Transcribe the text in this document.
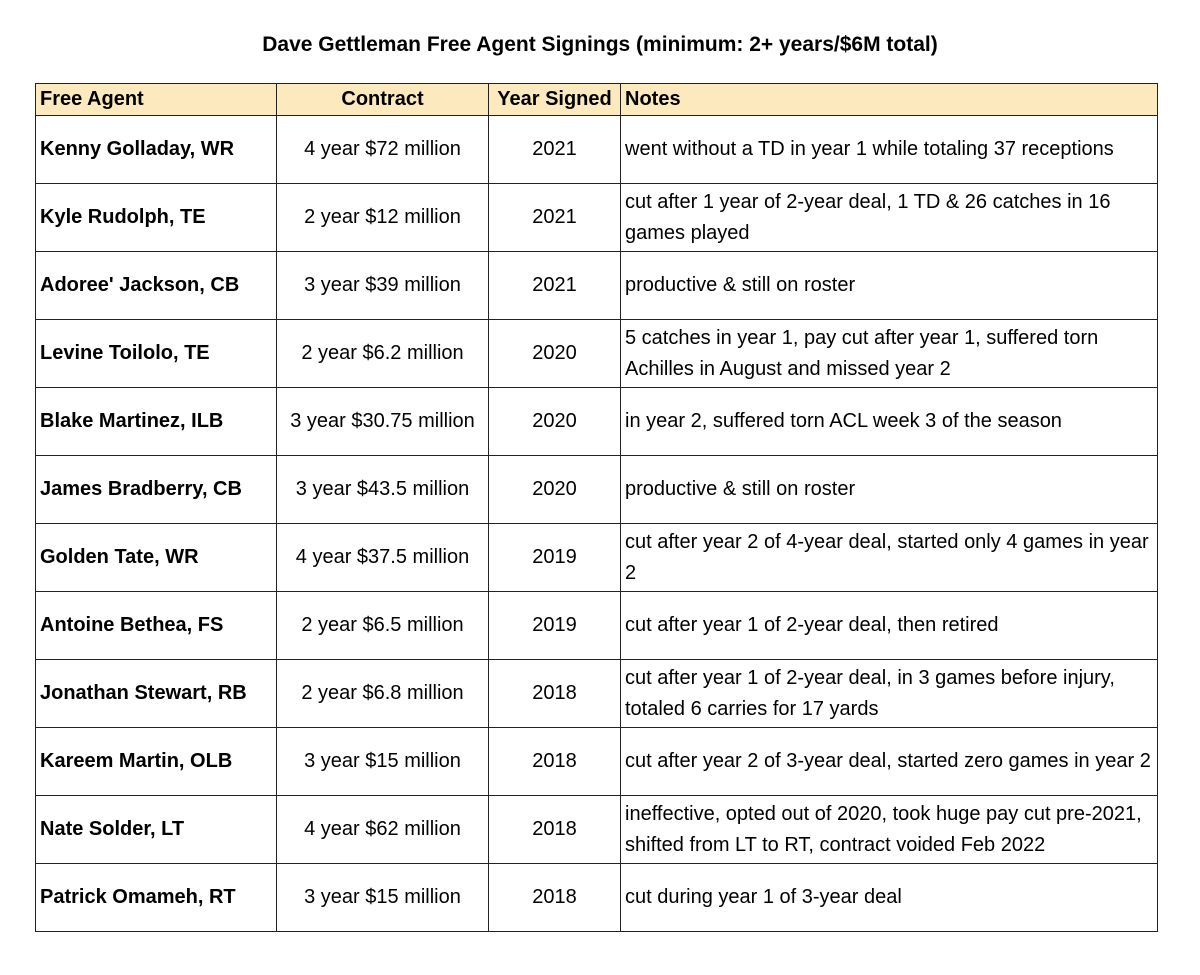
Dave Gettleman Free Agent Signings (minimum: 2+ years/$6M total)
Free Agent	Contract	Year Signed	Notes
Kenny Golladay, WR	4 year $72 million	2021	went without a TD in year 1 while totaling 37 receptions
Kyle Rudolph, TE	2 year $12 million	2021	cut after 1 year of 2-year deal, 1 TD & 26 catches in 16 games played
Adoree' Jackson, CB	3 year $39 million	2021	productive & still on roster
Levine Toilolo, TE	2 year $6.2 million	2020	5 catches in year 1, pay cut after year 1, suffered torn Achilles in August and missed year 2
Blake Martinez, ILB	3 year $30.75 million	2020	in year 2, suffered torn ACL week 3 of the season
James Bradberry, CB	3 year $43.5 million	2020	productive & still on roster
Golden Tate, WR	4 year $37.5 million	2019	cut after year 2 of 4-year deal, started only 4 games in year 2
Antoine Bethea, FS	2 year $6.5 million	2019	cut after year 1 of 2-year deal, then retired
Jonathan Stewart, RB	2 year $6.8 million	2018	cut after year 1 of 2-year deal, in 3 games before injury, totaled 6 carries for 17 yards
Kareem Martin, OLB	3 year $15 million	2018	cut after year 2 of 3-year deal, started zero games in year 2
Nate Solder, LT	4 year $62 million	2018	ineffective, opted out of 2020, took huge pay cut pre-2021, shifted from LT to RT, contract voided Feb 2022
Patrick Omameh, RT	3 year $15 million	2018	cut during year 1 of 3-year deal
